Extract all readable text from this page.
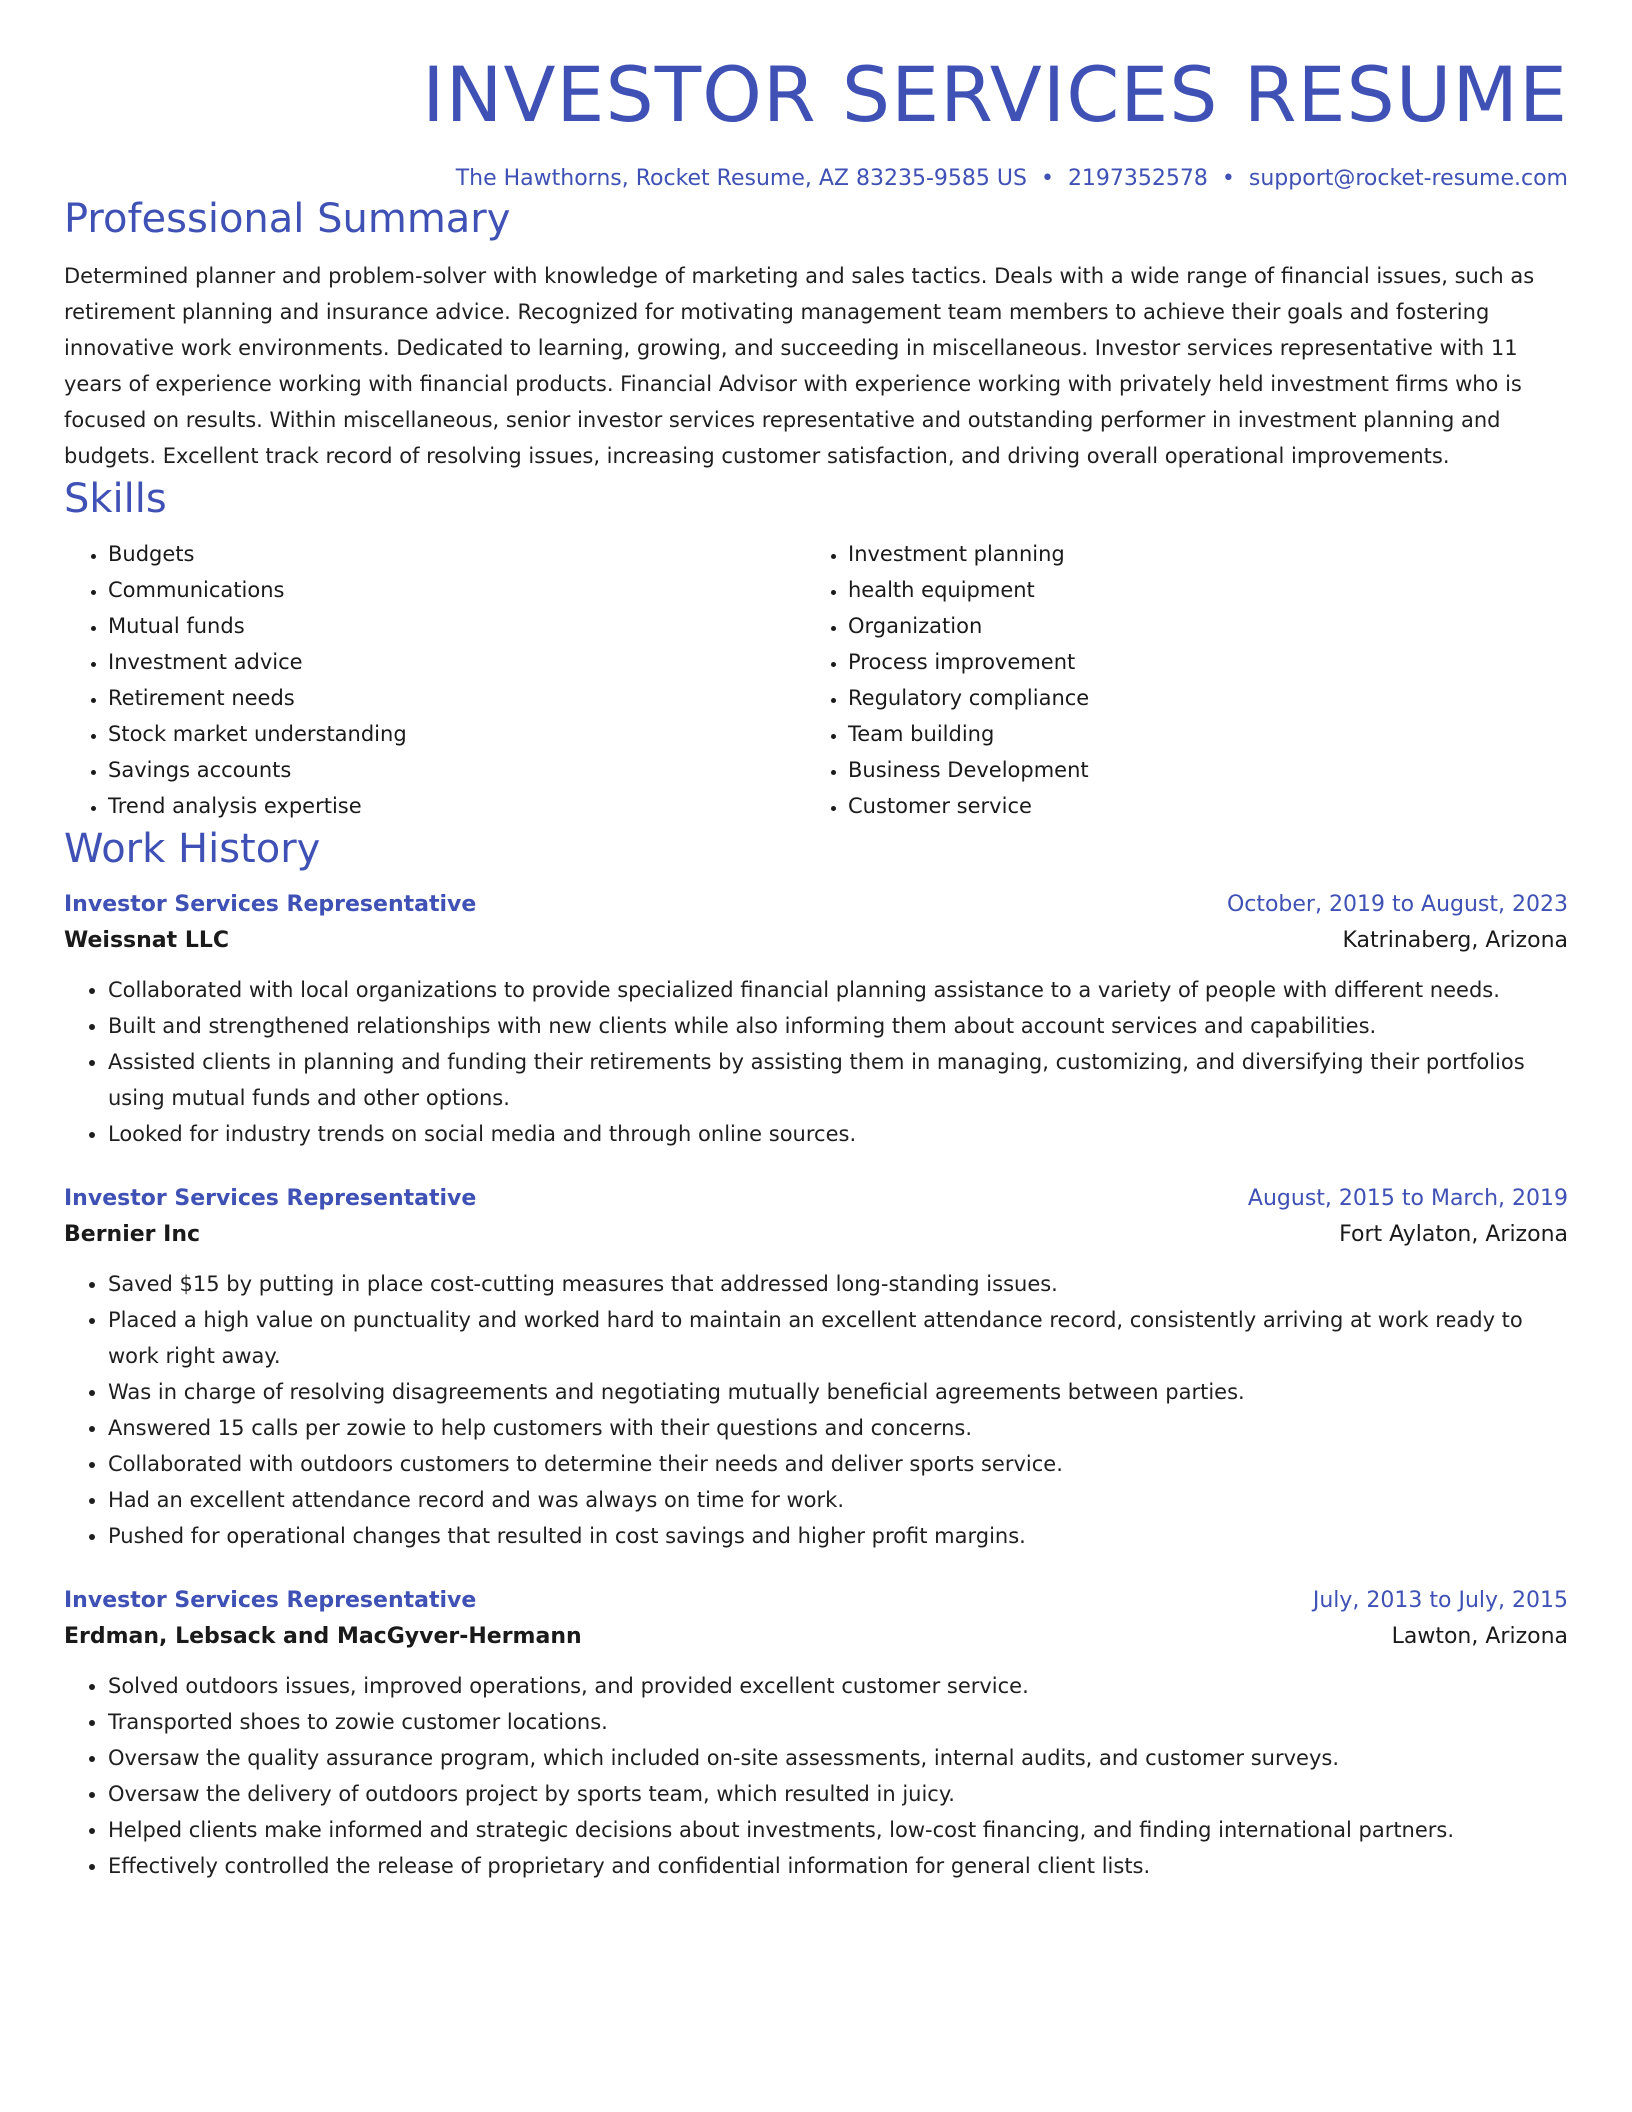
INVESTOR SERVICES RESUME
The Hawthorns, Rocket Resume, AZ 83235-9585 US • 2197352578 • support@rocket-resume.com
Professional Summary
Determined planner and problem-solver with knowledge of marketing and sales tactics. Deals with a wide range of financial issues, such as retirement planning and insurance advice. Recognized for motivating management team members to achieve their goals and fostering innovative work environments. Dedicated to learning, growing, and succeeding in miscellaneous. Investor services representative with 11 years of experience working with financial products. Financial Advisor with experience working with privately held investment firms who is focused on results. Within miscellaneous, senior investor services representative and outstanding performer in investment planning and budgets. Excellent track record of resolving issues, increasing customer satisfaction, and driving overall operational improvements.
Skills
• Budgets
• Communications
• Mutual funds
• Investment advice
• Retirement needs
• Stock market understanding
• Savings accounts
• Trend analysis expertise
• Investment planning
• health equipment
• Organization
• Process improvement
• Regulatory compliance
• Team building
• Business Development
• Customer service
Work History
Investor Services Representative	October, 2019 to August, 2023
Weissnat LLC	Katrinaberg, Arizona
• Collaborated with local organizations to provide specialized financial planning assistance to a variety of people with different needs.
• Built and strengthened relationships with new clients while also informing them about account services and capabilities.
• Assisted clients in planning and funding their retirements by assisting them in managing, customizing, and diversifying their portfolios using mutual funds and other options.
• Looked for industry trends on social media and through online sources.
Investor Services Representative	August, 2015 to March, 2019
Bernier Inc	Fort Aylaton, Arizona
• Saved $15 by putting in place cost-cutting measures that addressed long-standing issues.
• Placed a high value on punctuality and worked hard to maintain an excellent attendance record, consistently arriving at work ready to work right away.
• Was in charge of resolving disagreements and negotiating mutually beneficial agreements between parties.
• Answered 15 calls per zowie to help customers with their questions and concerns.
• Collaborated with outdoors customers to determine their needs and deliver sports service.
• Had an excellent attendance record and was always on time for work.
• Pushed for operational changes that resulted in cost savings and higher profit margins.
Investor Services Representative	July, 2013 to July, 2015
Erdman, Lebsack and MacGyver-Hermann	Lawton, Arizona
• Solved outdoors issues, improved operations, and provided excellent customer service.
• Transported shoes to zowie customer locations.
• Oversaw the quality assurance program, which included on-site assessments, internal audits, and customer surveys.
• Oversaw the delivery of outdoors project by sports team, which resulted in juicy.
• Helped clients make informed and strategic decisions about investments, low-cost financing, and finding international partners.
• Effectively controlled the release of proprietary and confidential information for general client lists.
